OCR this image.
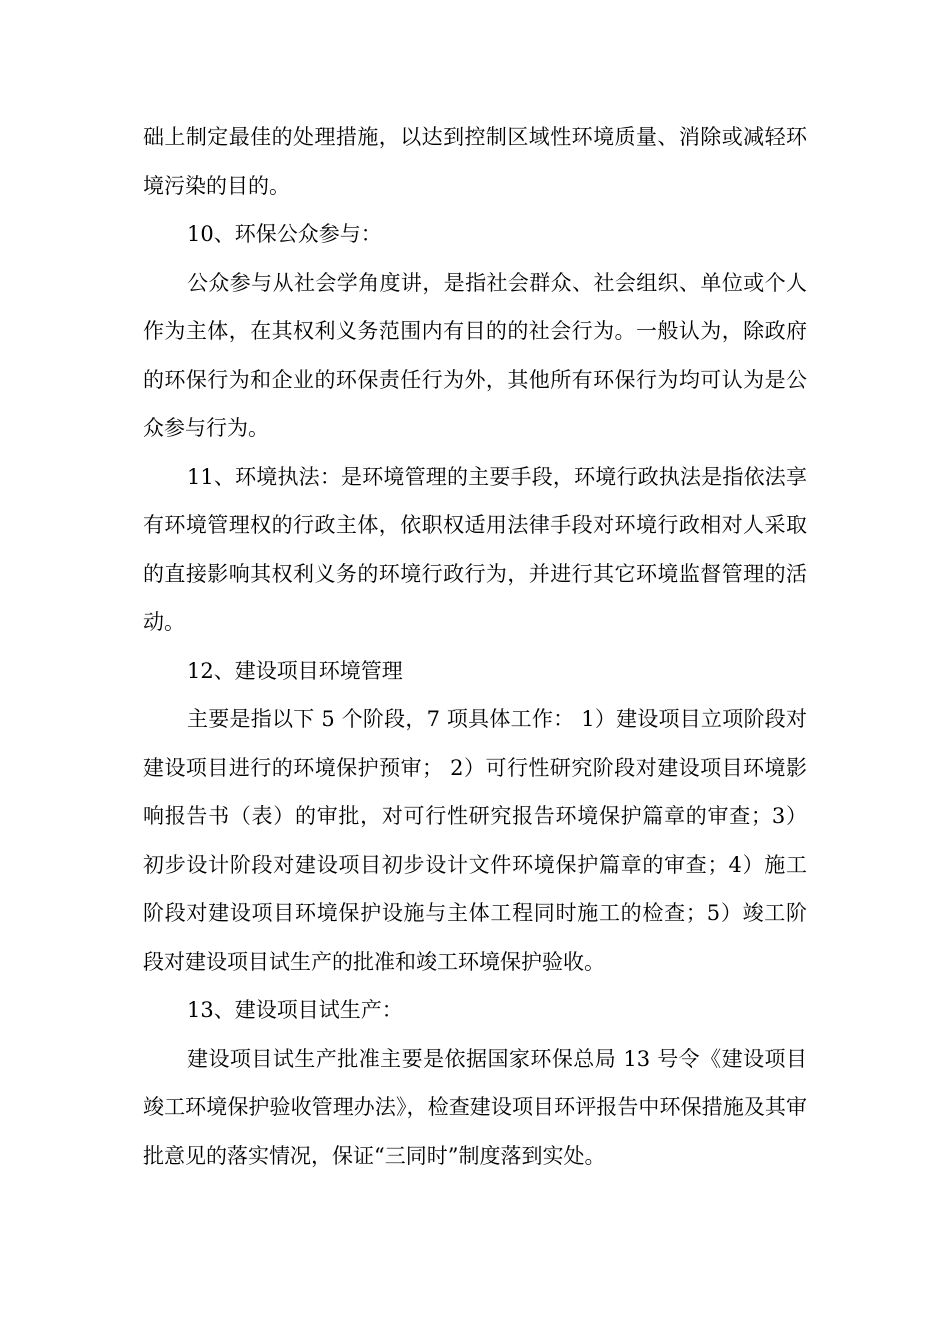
础上制定最佳的处理措施，以达到控制区域性环境质量、消除或减轻环境污染的目的。

10、环保公众参与：

公众参与从社会学角度讲，是指社会群众、社会组织、单位或个人作为主体，在其权利义务范围内有目的的社会行为。一般认为，除政府的环保行为和企业的环保责任行为外，其他所有环保行为均可认为是公众参与行为。

11、环境执法：是环境管理的主要手段，环境行政执法是指依法享有环境管理权的行政主体，依职权适用法律手段对环境行政相对人采取的直接影响其权利义务的环境行政行为，并进行其它环境监督管理的活动。

12、建设项目环境管理

主要是指以下 5 个阶段，7 项具体工作： 1）建设项目立项阶段对建设项目进行的环境保护预审； 2）可行性研究阶段对建设项目环境影响报告书（表）的审批，对可行性研究报告环境保护篇章的审查；3）初步设计阶段对建设项目初步设计文件环境保护篇章的审查；4）施工阶段对建设项目环境保护设施与主体工程同时施工的检查；5）竣工阶段对建设项目试生产的批准和竣工环境保护验收。

13、建设项目试生产：

建设项目试生产批准主要是依据国家环保总局 13 号令《建设项目竣工环境保护验收管理办法》，检查建设项目环评报告中环保措施及其审批意见的落实情况，保证“三同时”制度落到实处。
